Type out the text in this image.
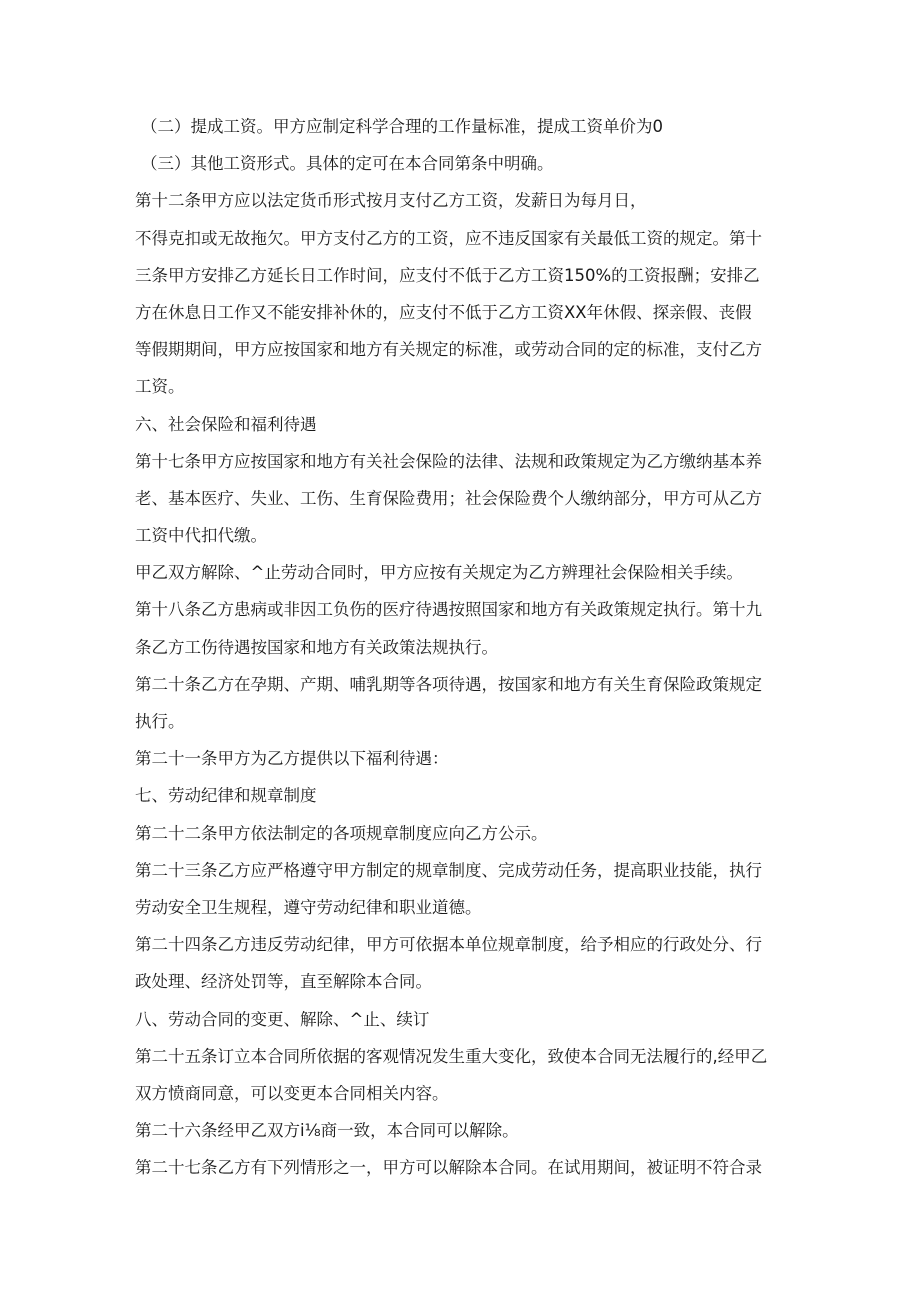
（二）提成工资。甲方应制定科学合理的工作量标准，提成工资单价为0
（三）其他工资形式。具体的定可在本合同第条中明确。
第十二条甲方应以法定货币形式按月支付乙方工资，发薪日为每月日，
不得克扣或无故拖欠。甲方支付乙方的工资，应不违反国家有关最低工资的规定。第十
三条甲方安排乙方延长日工作时间，应支付不低于乙方工资150%的工资报酬；安排乙
方在休息日工作又不能安排补休的，应支付不低于乙方工资XX年休假、探亲假、丧假
等假期期间，甲方应按国家和地方有关规定的标准，或劳动合同的定的标准，支付乙方
工资。
六、社会保险和福利待遇
第十七条甲方应按国家和地方有关社会保险的法律、法规和政策规定为乙方缴纳基本养
老、基本医疗、失业、工伤、生育保险费用；社会保险费个人缴纳部分，甲方可从乙方
工资中代扣代缴。
甲乙双方解除、^止劳动合同时，甲方应按有关规定为乙方辨理社会保险相关手续。
第十八条乙方患病或非因工负伤的医疗待遇按照国家和地方有关政策规定执行。第十九
条乙方工伤待遇按国家和地方有关政策法规执行。
第二十条乙方在孕期、产期、哺乳期等各项待遇，按国家和地方有关生育保险政策规定
执行。
第二十一条甲方为乙方提供以下福利待遇：
七、劳动纪律和规章制度
第二十二条甲方依法制定的各项规章制度应向乙方公示。
第二十三条乙方应严格遵守甲方制定的规章制度、完成劳动任务，提高职业技能，执行
劳动安全卫生规程，遵守劳动纪律和职业道德。
第二十四条乙方违反劳动纪律，甲方可依据本单位规章制度，给予相应的行政处分、行
政处理、经济处罚等，直至解除本合同。
八、劳动合同的变更、解除、^止、续订
第二十五条订立本合同所依据的客观情况发生重大变化，致使本合同无法履行的,经甲乙
双方愤商同意，可以变更本合同相关内容。
第二十六条经甲乙双方i⅛商一致，本合同可以解除。
第二十七条乙方有下列情形之一，甲方可以解除本合同。在试用期间，被证明不符合录
